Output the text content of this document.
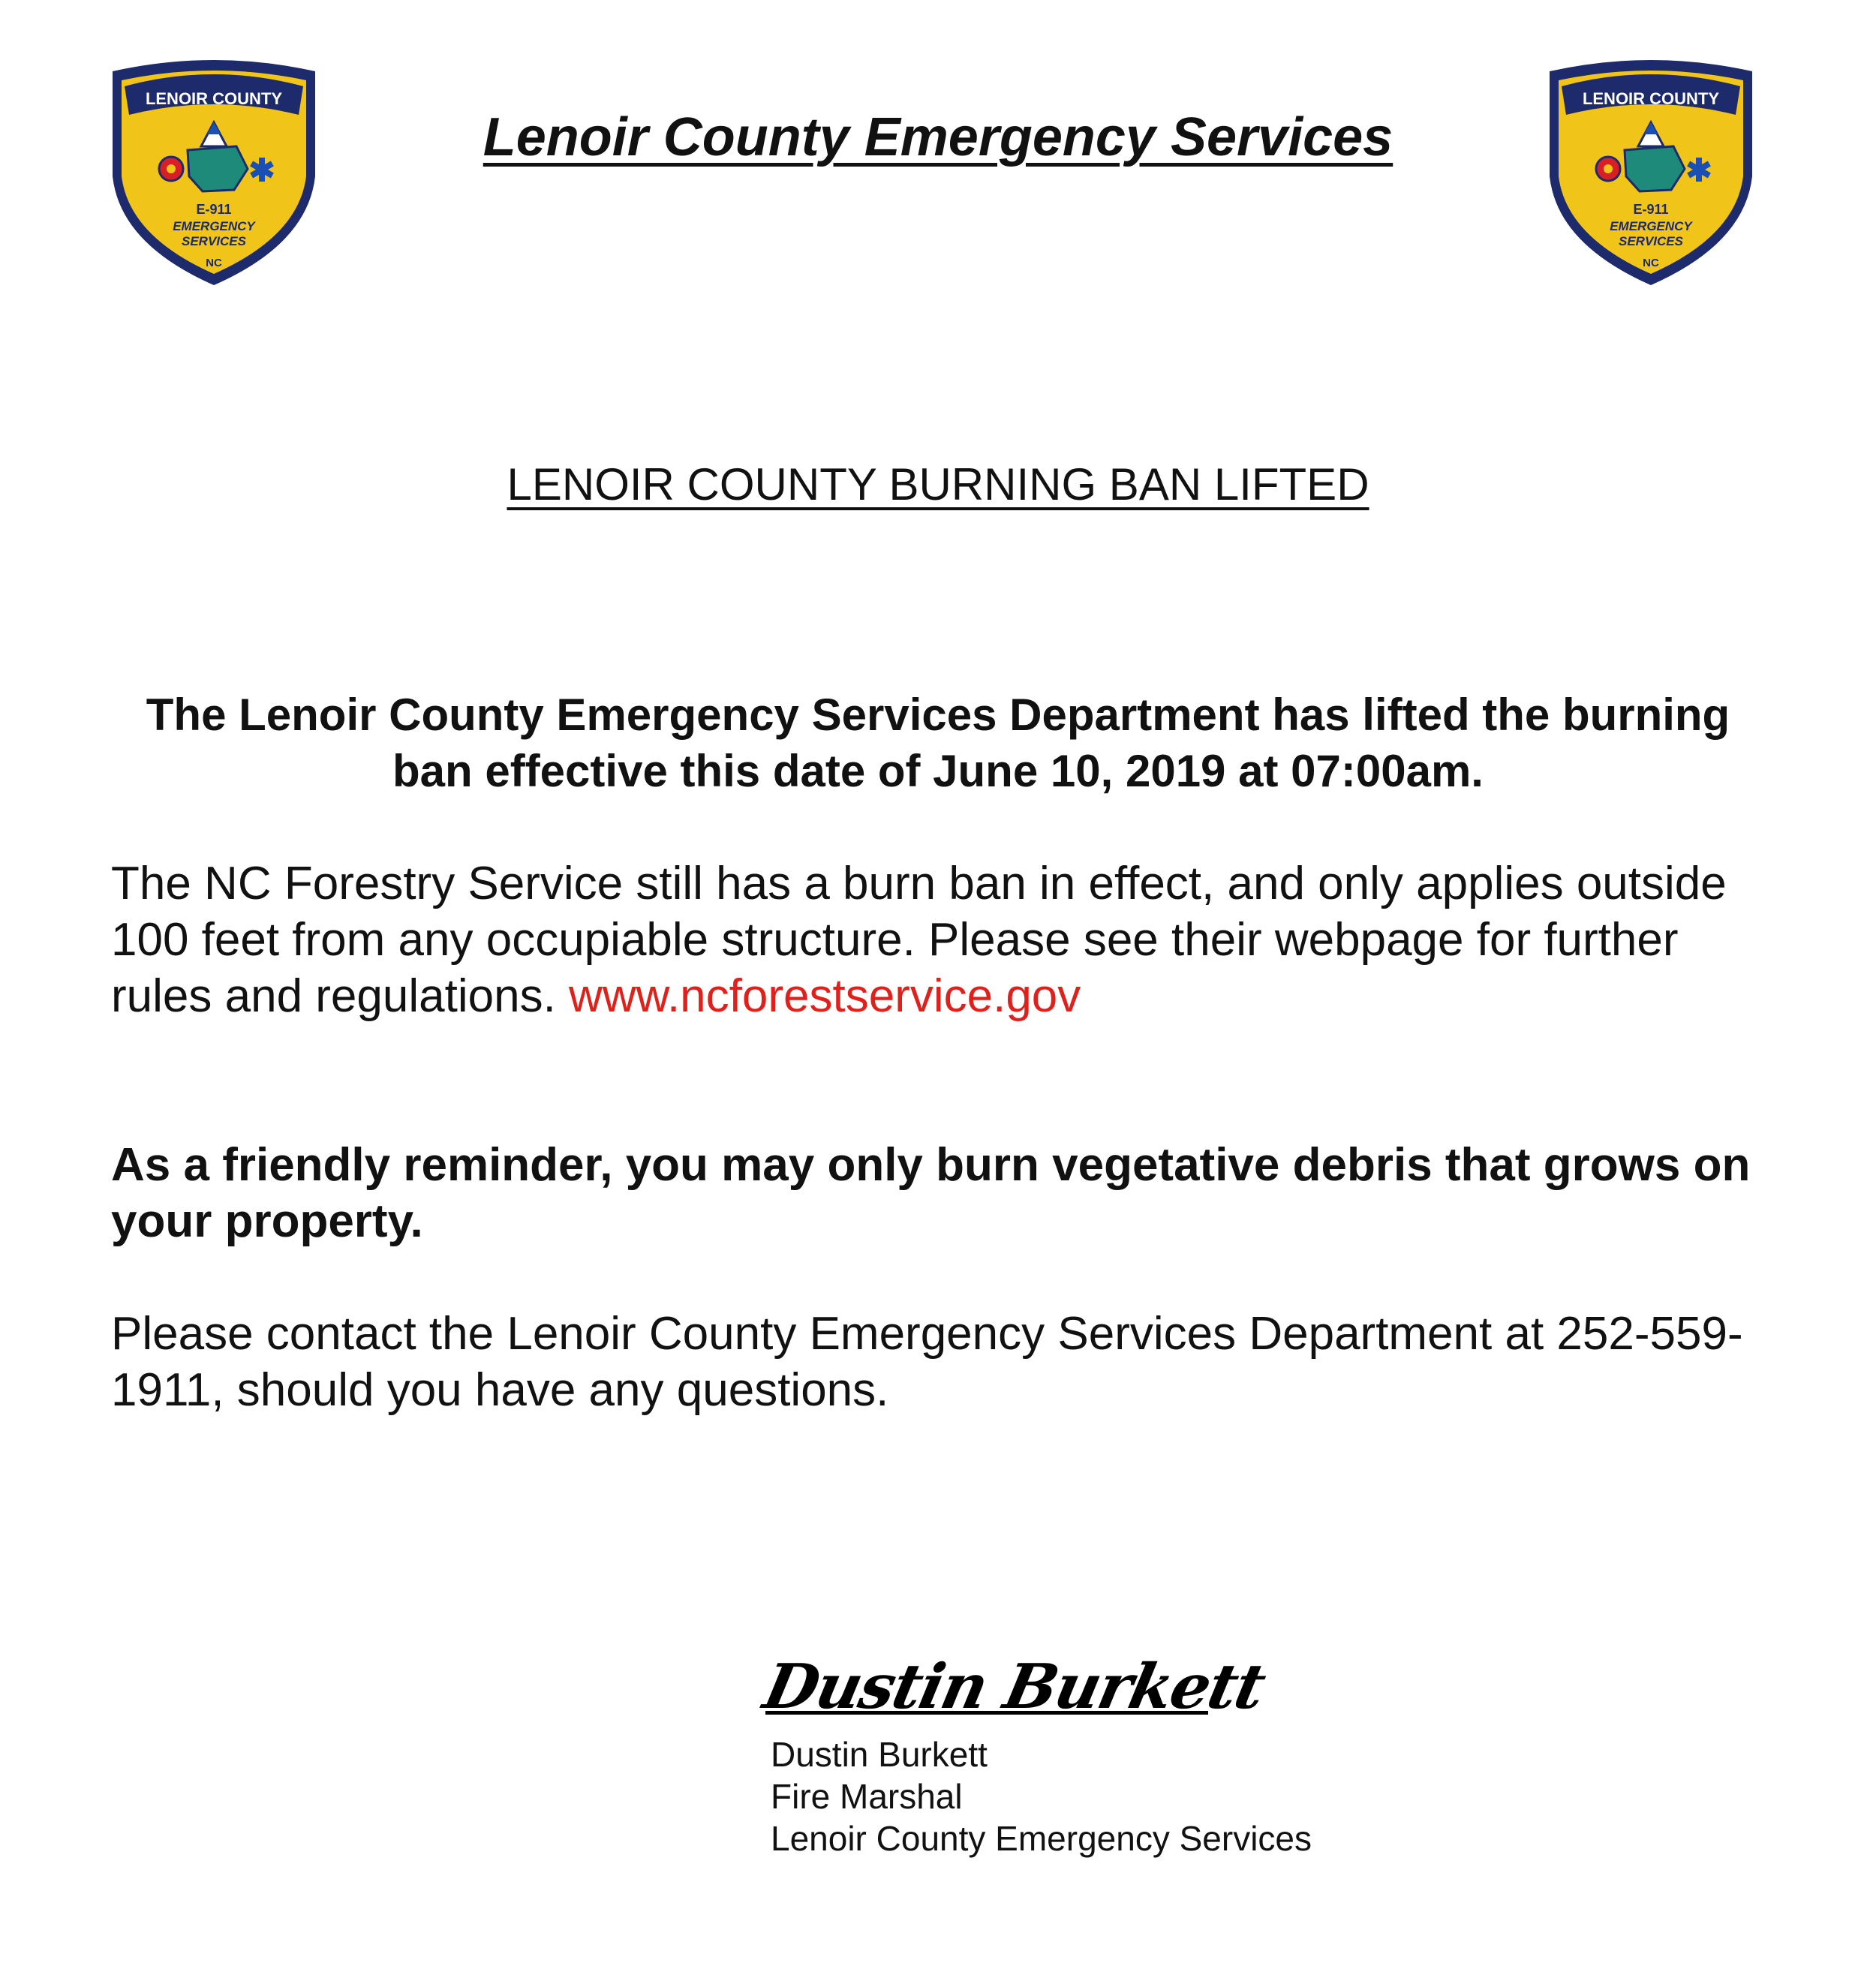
LENOIR COUNTY
E-911
EMERGENCY
SERVICES
NC
LENOIR COUNTY
E-911
EMERGENCY
SERVICES
NC
Lenoir County Emergency Services
LENOIR COUNTY BURNING BAN LIFTED

The Lenoir County Emergency Services Department has lifted the burning ban effective this date of June 10, 2019 at 07:00am.

The NC Forestry Service still has a burn ban in effect, and only applies outside 100 feet from any occupiable structure. Please see their webpage for further rules and regulations. www.ncforestservice.gov

As a friendly reminder, you may only burn vegetative debris that grows on your property.

Please contact the Lenoir County Emergency Services Department at 252-559-1911, should you have any questions.

Dustin Burkett
Dustin Burkett
Fire Marshal
Lenoir County Emergency Services
